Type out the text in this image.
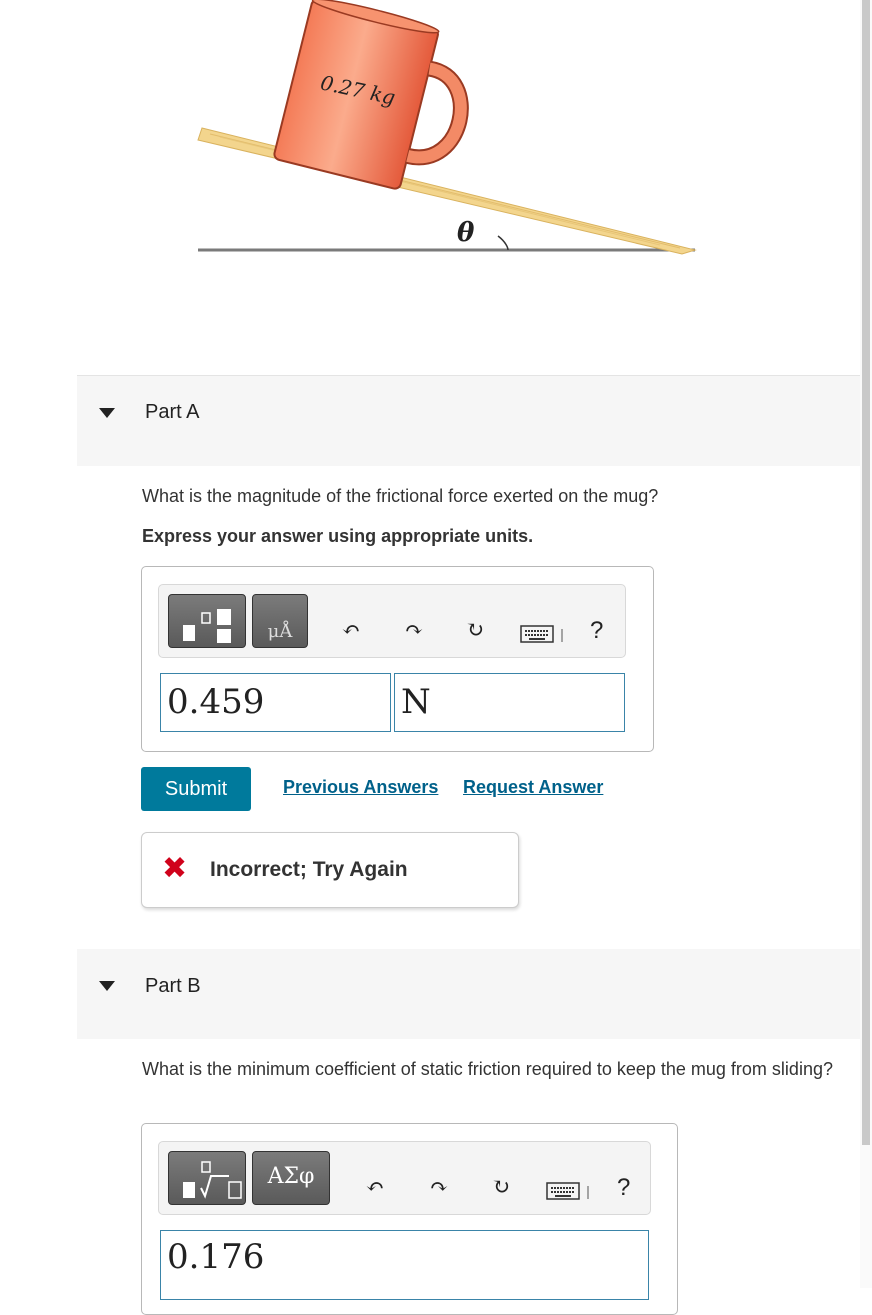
0.27 kg
θ
Part A
What is the magnitude of the frictional force exerted on the mug?
Express your answer using appropriate units.
μÅ	↶	↷	↻	?
0.459	N
Submit	Previous Answers Request Answer
✖ Incorrect; Try Again
Part B
What is the minimum coefficient of static friction required to keep the mug from sliding?
ΑΣφ	↶	↷	↻	?
0.176
